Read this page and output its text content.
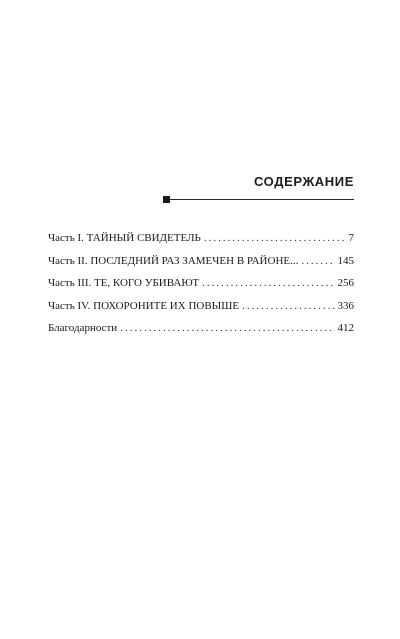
СОДЕРЖАНИЕ
Часть I. ТАЙНЫЙ СВИДЕТЕЛЬ .....	7
Часть II. ПОСЛЕДНИЙ РАЗ ЗАМЕЧЕН В РАЙОНЕ... .....	145
Часть III. ТЕ, КОГО УБИВАЮТ .....	256
Часть IV. ПОХОРОНИТЕ ИХ ПОВЫШЕ .....	336
Благодарности .....	412
